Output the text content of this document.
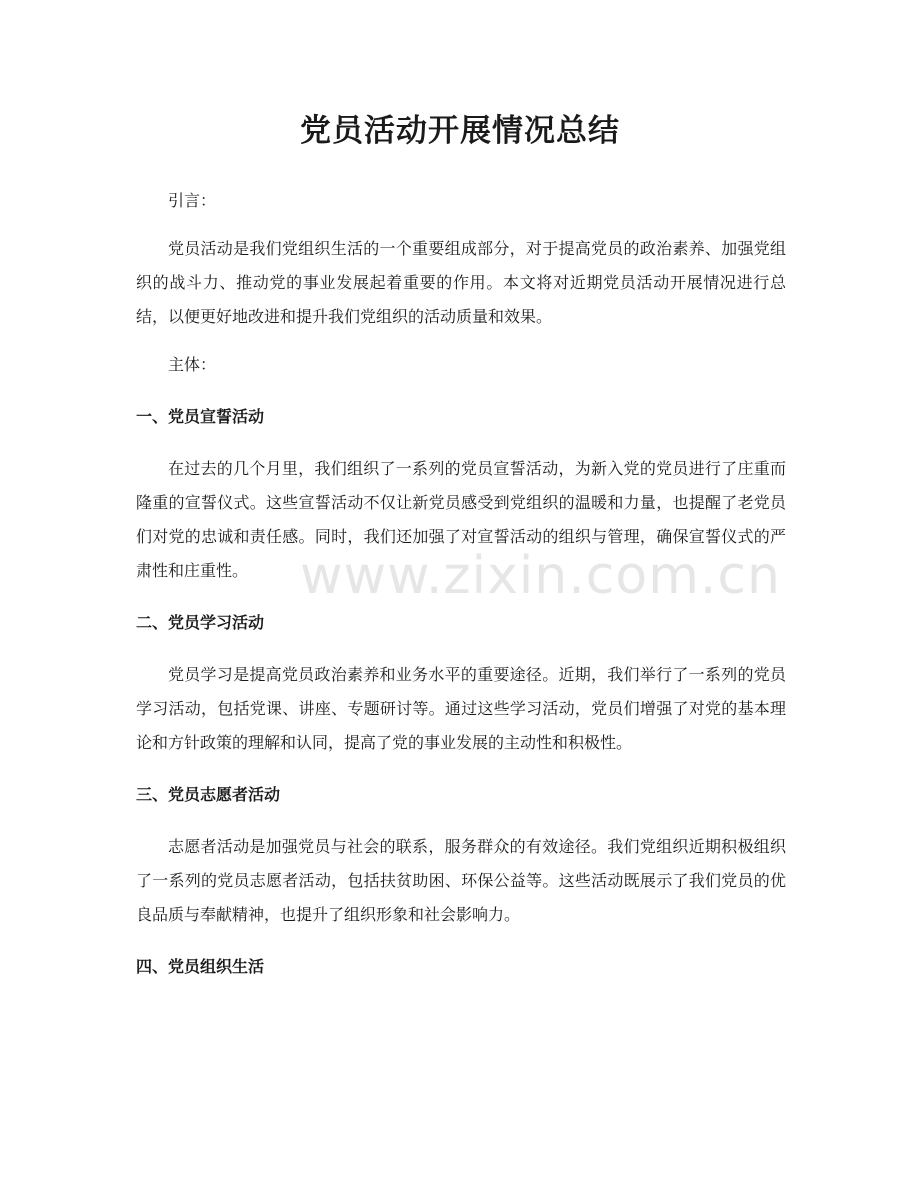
www.zixin.com.cn
党员活动开展情况总结

引言：

党员活动是我们党组织生活的一个重要组成部分，对于提高党员的政治素养、加强党组织的战斗力、推动党的事业发展起着重要的作用。本文将对近期党员活动开展情况进行总结，以便更好地改进和提升我们党组织的活动质量和效果。

主体：

一、党员宣誓活动

在过去的几个月里，我们组织了一系列的党员宣誓活动，为新入党的党员进行了庄重而隆重的宣誓仪式。这些宣誓活动不仅让新党员感受到党组织的温暖和力量，也提醒了老党员们对党的忠诚和责任感。同时，我们还加强了对宣誓活动的组织与管理，确保宣誓仪式的严肃性和庄重性。

二、党员学习活动

党员学习是提高党员政治素养和业务水平的重要途径。近期，我们举行了一系列的党员学习活动，包括党课、讲座、专题研讨等。通过这些学习活动，党员们增强了对党的基本理论和方针政策的理解和认同，提高了党的事业发展的主动性和积极性。

三、党员志愿者活动

志愿者活动是加强党员与社会的联系，服务群众的有效途径。我们党组织近期积极组织了一系列的党员志愿者活动，包括扶贫助困、环保公益等。这些活动既展示了我们党员的优良品质与奉献精神，也提升了组织形象和社会影响力。

四、党员组织生活
